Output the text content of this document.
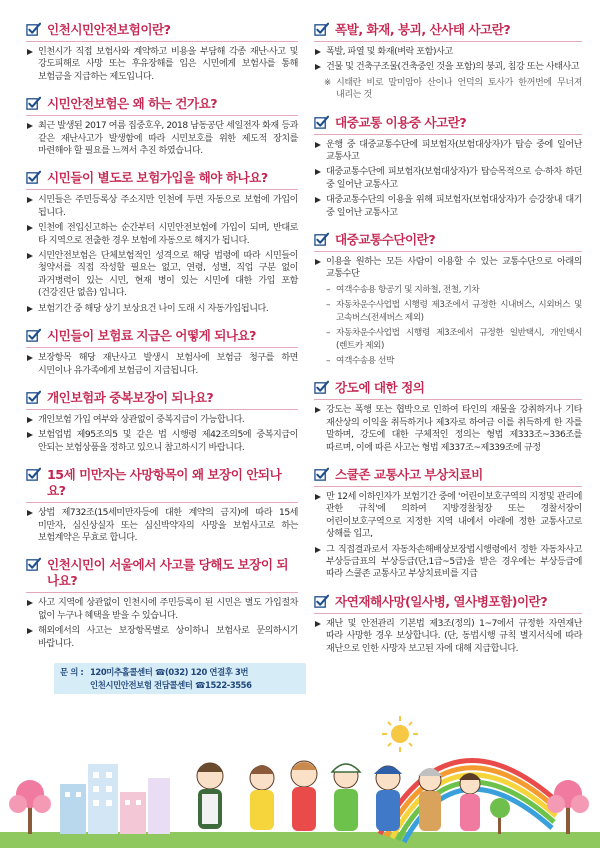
인천시민안전보험이란?
인천시가 직접 보험사와 계약하고 비용을 부담해 각종 재난·사고 및 강도피해로 사망 또는 후유장해를 입은 시민에게 보험사를 통해 보험금을 지급하는 제도입니다.
시민안전보험은 왜 하는 건가요?
최근 발생된 2017 여름 집중호우, 2018 남동공단 세일전자 화재 등과 같은 재난사고가 발생함에 따라 시민보호를 위한 제도적 장치를 마련해야 할 필요를 느껴서 추진 하였습니다.
시민들이 별도로 보험가입을 해야 하나요?
시민들은 주민등록상 주소지만 인천에 두면 자동으로 보험에 가입이 됩니다.
인천에 전입신고하는 순간부터 시민안전보험에 가입이 되며, 반대로 타 지역으로 전출한 경우 보험에 자동으로 해지가 됩니다.
시민안전보험은 단체보험적인 성격으로 해당 법령에 따라 시민들이 청약서를 직접 작성할 필요는 없고, 연령, 성별, 직업 구분 없이 과거병력이 있는 시민, 현재 병이 있는 시민에 대한 가입 포함 (건강진단 없음) 입니다.
보험기간 중 해당 상기 보상요건 나이 도래 시 자동가입됩니다.
시민들이 보험료 지급은 어떻게 되나요?
보장항목 해당 재난사고 발생시 보험사에 보험금 청구를 하면 시민이나 유가족에게 보험금이 지급됩니다.
개인보험과 중복보장이 되나요?
개인보험 가입 여부와 상관없이 중복지급이 가능합니다.
보험업법 제95조의5 및 같은 법 시행령 제42조의5에 중복지급이 안되는 보험상품을 정하고 있으니 참고하시기 바랍니다.
15세 미만자는 사망항목이 왜 보장이 안되나요?
상법 제732조(15세미만자등에 대한 계약의 금지)에 따라 15세 미만자, 심신상실자 또는 심신박약자의 사망을 보험사고로 하는 보험계약은 무효로 합니다.
인천시민이 서울에서 사고를 당해도 보장이 되나요?
사고 지역에 상관없이 인천시에 주민등록이 된 시민은 별도 가입절차 없이 누구나 혜택을 받을 수 있습니다.
해외에서의 사고는 보장항목별로 상이하니 보험사로 문의하시기 바랍니다.
문 의 : 120미추홀콜센터 ☎(032) 120 연결후 3번
인천시민안전보험 전담콜센터 ☎1522-3556
폭발, 화재, 붕괴, 산사태 사고란?
폭발, 파열 및 화재(벼락 포함)사고
건물 및 건축구조물(건축중인 것을 포함)의 붕괴, 침강 또는 사태사고
※ 시태란 비로 말미암아 산이나 언덕의 토사가 한꺼번에 무너져 내리는 것
대중교통 이용중 사고란?
운행 중 대중교통수단에 피보험자(보험대상자)가 탑승 중에 일어난 교통사고
대중교통수단에 피보험자(보험대상자)가 탑승목적으로 승·하차 하던 중 일어난 교통사고
대중교통수단의 이용을 위해 피보험자(보험대상자)가 승강장내 대기 중 일어난 교통사고
대중교통수단이란?
이용을 원하는 모든 사람이 이용할 수 있는 교통수단으로 아래의 교통수단
– 여객수송용 항공기 및 지하철, 전철, 기차
– 자동차운수사업법 시행령 제3조에서 규정한 시내버스, 시외버스 및 고속버스(전세버스 제외)
– 자동차운수사업법 시행령 제3조에서 규정한 일반택시, 개인택시(렌트카 제외)
– 여객수송용 선박
강도에 대한 정의
강도는 폭행 또는 협박으로 인하여 타인의 재물을 강취하거나 기타 재산상의 이익을 취득하거나 제3자로 하여금 이를 취득하게 한 자를 말하며, 강도에 대한 구체적인 정의는 형법 제333조~336조를 따르며, 이에 따른 사고는 형법 제337조~제339조에 규정
스쿨존 교통사고 부상치료비
만 12세 이하인자가 보험기간 중에 '어린이보호구역의 지정및 관리에 관한 규칙'에 의하여 지방경찰청장 또는 경찰서장이 어린이보호구역으로 지정한 지역 내에서 아래에 정한 교통사고로 상해를 입고,
그 직접결과로서 자동차손해배상보장법시행령에서 정한 자동차사고 부상등급표의 부상등급(단,1급~5급)을 받은 경우에는 부상등급에 따라 스쿨존 교통사고 부상치료비를 지급
자연재해사망(일사병, 열사병포함)이란?
재난 및 안전관리 기본법 제3조(정의) 1~7에서 규정한 자연재난 따라 사망한 경우 보상합니다. (단, 동법시행 규칙 별지서식에 따라 재난으로 인한 사망자 보고된 자에 대해 지급합니다.
